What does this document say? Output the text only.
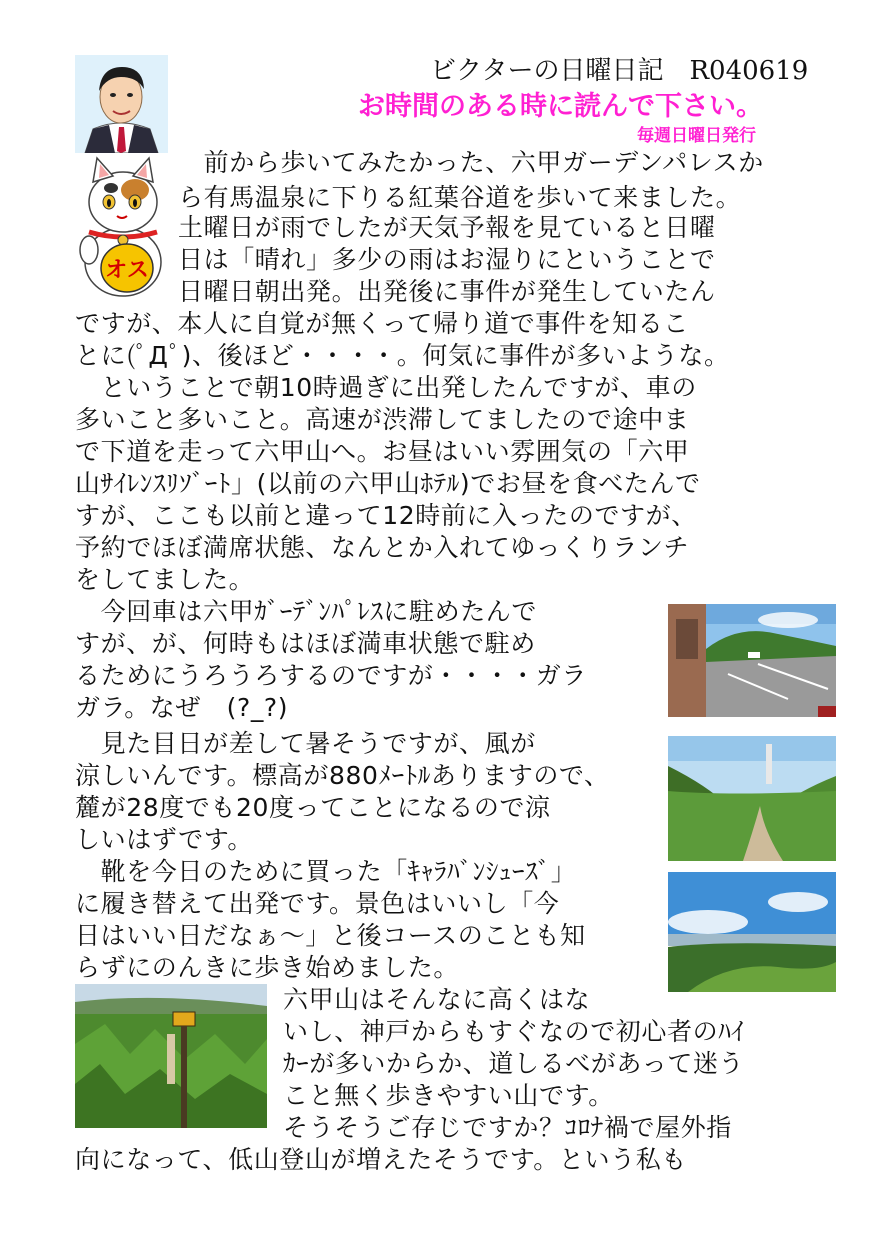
ビクターの日曜日記　R040619
お時間のある時に読んで下さい。
毎週日曜日発行
オス
　前から歩いてみたかった、六甲ガーデンパレスか
ら有馬温泉に下りる紅葉谷道を歩いて来ました。
土曜日が雨でしたが天気予報を見ていると日曜
日は「晴れ」多少の雨はお湿りにということで
日曜日朝出発。出発後に事件が発生していたん
ですが、本人に自覚が無くって帰り道で事件を知るこ
とに(ﾟДﾟ)、後ほど・・・・。何気に事件が多いような。
　ということで朝10時過ぎに出発したんですが、車の
多いこと多いこと。高速が渋滞してましたので途中ま
で下道を走って六甲山へ。お昼はいい雰囲気の「六甲
山ｻｲﾚﾝｽﾘｿﾞｰﾄ」(以前の六甲山ﾎﾃﾙ)でお昼を食べたんで
すが、ここも以前と違って12時前に入ったのですが、
予約でほぼ満席状態、なんとか入れてゆっくりランチ
をしてました。
　今回車は六甲ｶﾞｰﾃﾞﾝﾊﾟﾚｽに駐めたんで
すが、が、何時もはほぼ満車状態で駐め
るためにうろうろするのですが・・・・ガラ
ガラ。なぜ　(?_?)
　見た目日が差して暑そうですが、風が
涼しいんです。標高が880ﾒｰﾄﾙありますので、
麓が28度でも20度ってことになるので涼
しいはずです。
　靴を今日のために買った「ｷｬﾗﾊﾞﾝｼｭｰｽﾞ」
に履き替えて出発です。景色はいいし「今
日はいい日だなぁ～」と後コースのことも知
らずにのんきに歩き始めました。
六甲山はそんなに高くはな
いし、神戸からもすぐなので初心者のﾊｲ
ｶｰが多いからか、道しるべがあって迷う
こと無く歩きやすい山です。
そうそうご存じですか？ｺﾛﾅ禍で屋外指
向になって、低山登山が増えたそうです。という私も
